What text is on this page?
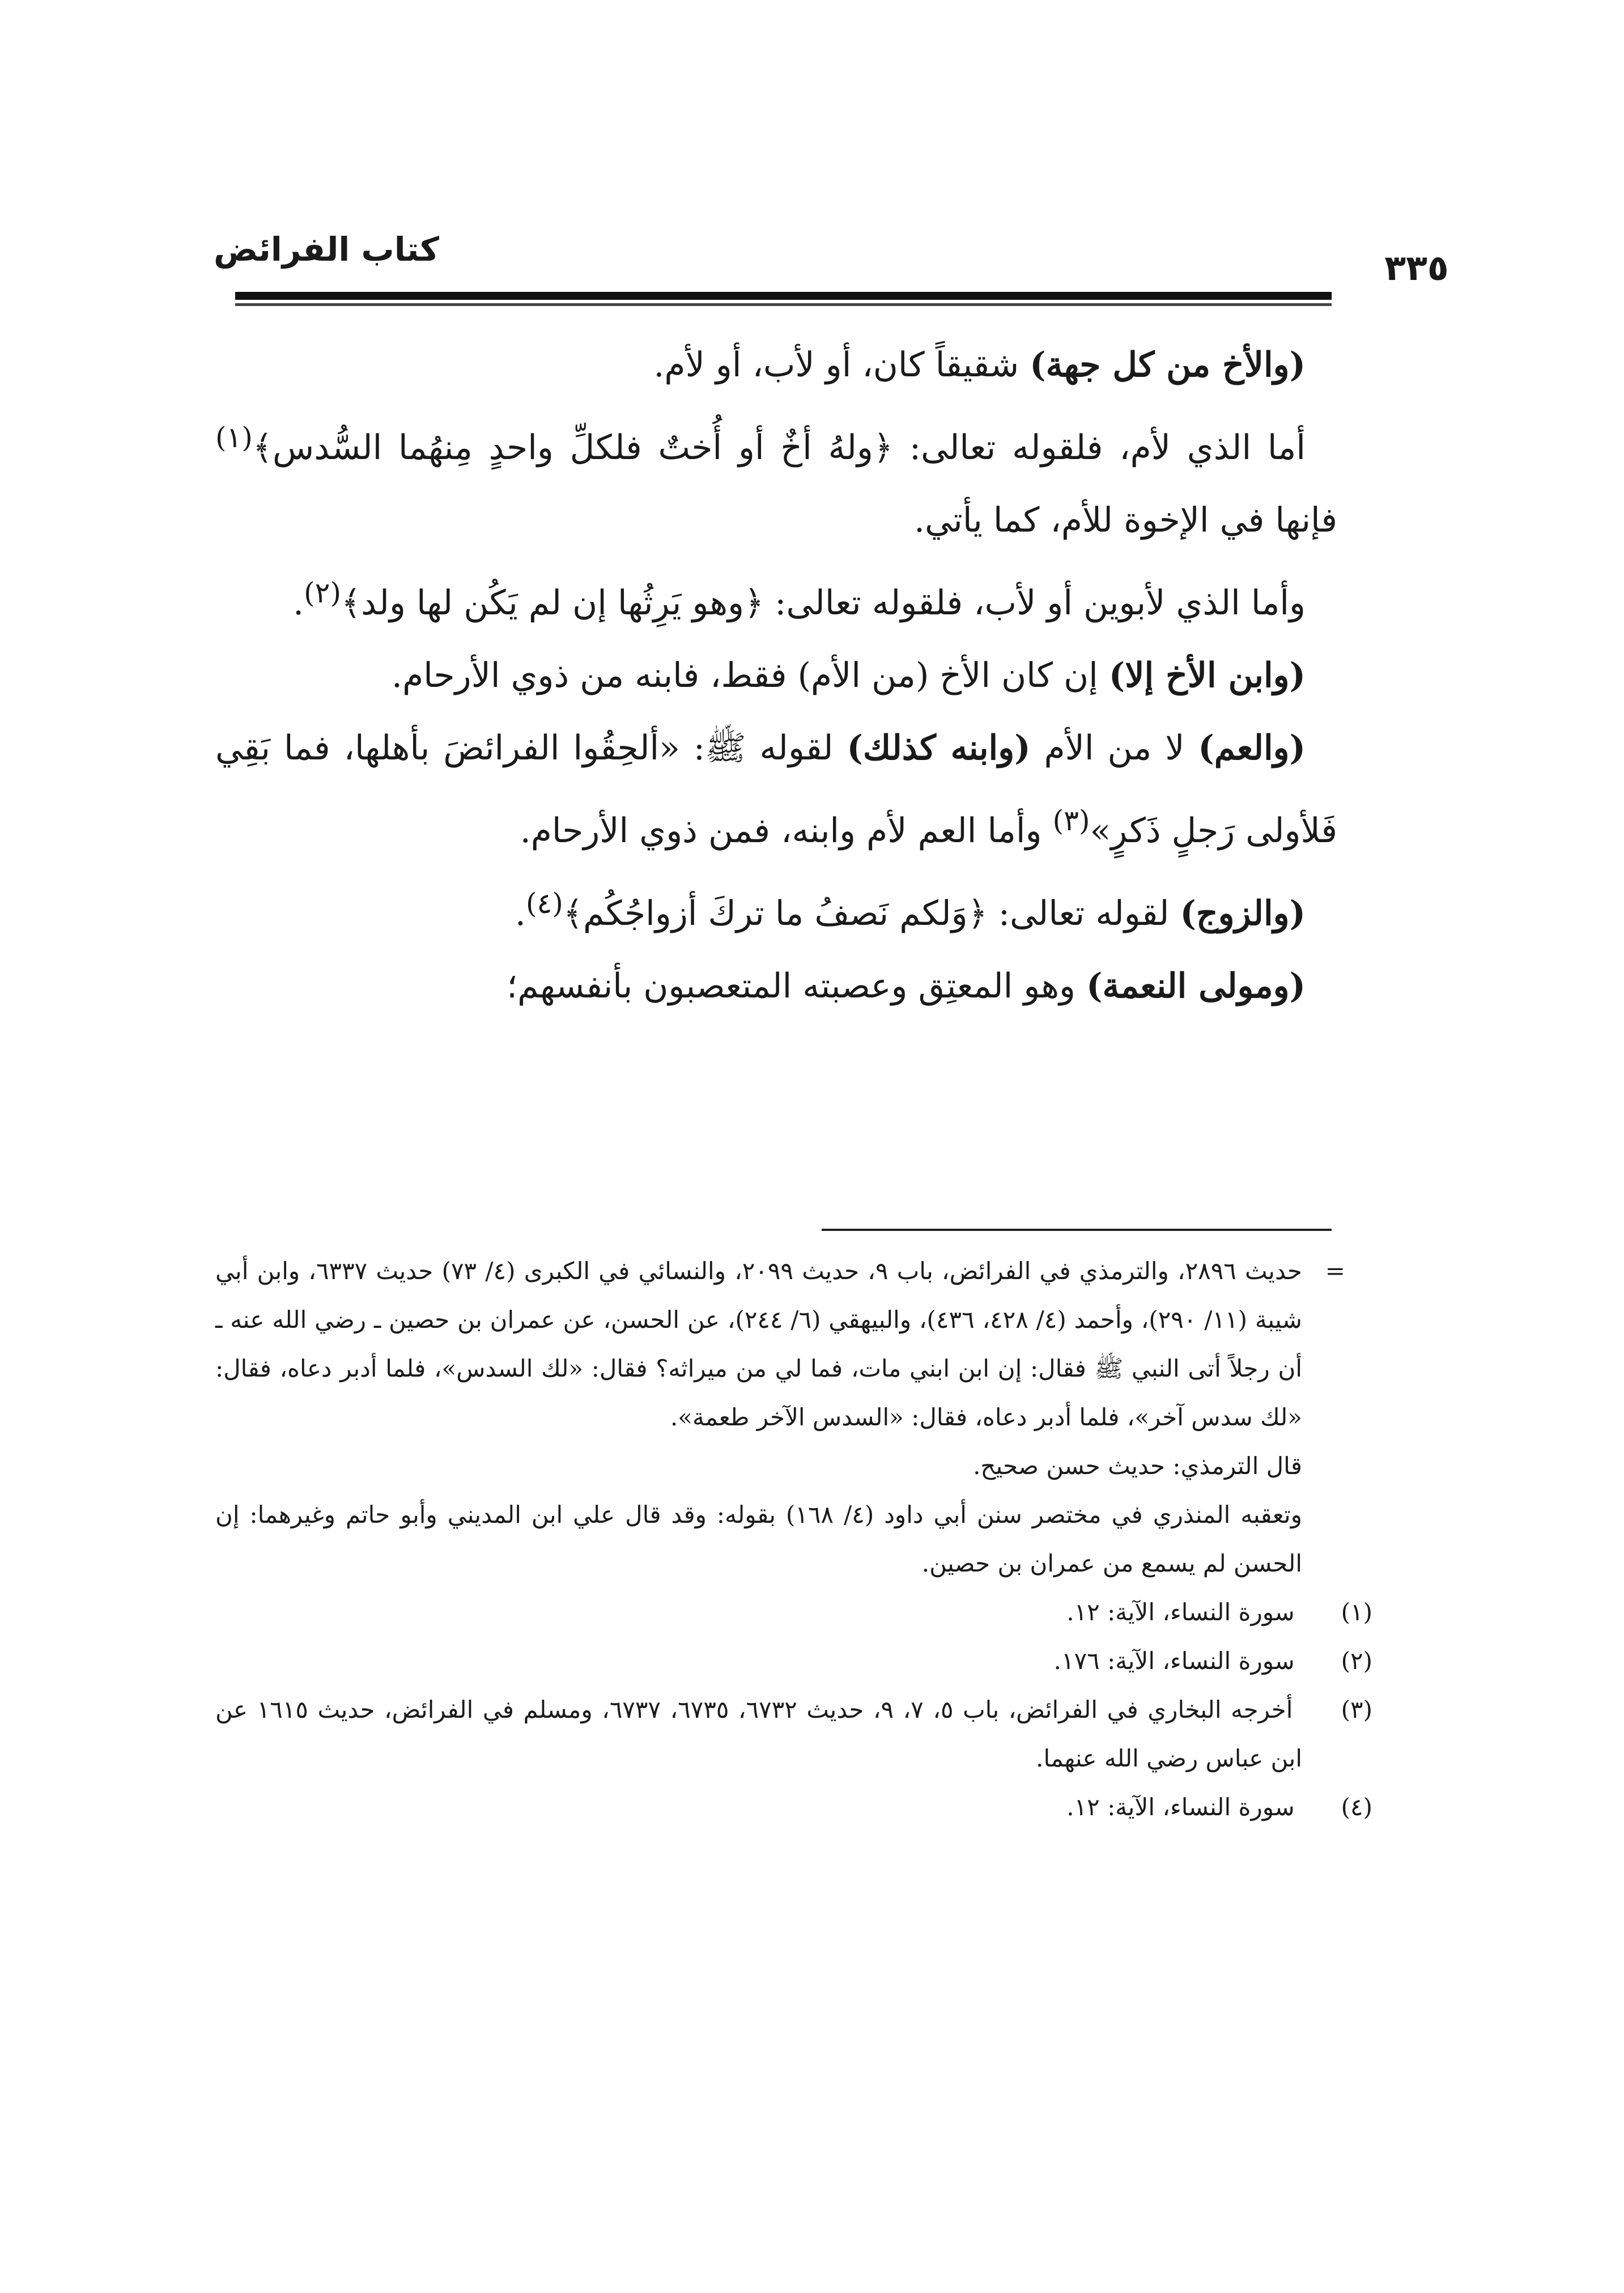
كتاب الفرائض	٣٣٥

(والأخ من كل جهة) شقيقاً كان، أو لأب، أو لأم.

أما الذي لأم، فلقوله تعالى: ﴿ولهُ أخٌ أو أُختٌ فلكلِّ واحدٍ مِنهُما السُّدس﴾$^{(١)}$ فإنها في الإخوة للأم، كما يأتي.

وأما الذي لأبوين أو لأب، فلقوله تعالى: ﴿وهو يَرِثُها إن لم يَكُن لها ولد﴾$^{(٢)}$.

(وابن الأخ إلا) إن كان الأخ (من الأم) فقط، فابنه من ذوي الأرحام.

(والعم) لا من الأم (وابنه كذلك) لقوله ﷺ: «ألحِقُوا الفرائضَ بأهلها، فما بَقِي فَلأولى رَجلٍ ذَكرٍ»$^{(٣)}$ وأما العم لأم وابنه، فمن ذوي الأرحام.

(والزوج) لقوله تعالى: ﴿وَلكم نَصفُ ما تركَ أزواجُكُم﴾$^{(٤)}$.

(ومولى النعمة) وهو المعتِق وعصبته المتعصبون بأنفسهم؛

=
حديث ٢٨٩٦، والترمذي في الفرائض، باب ٩، حديث ٢٠٩٩، والنسائي في الكبرى (٤/ ٧٣) حديث ٦٣٣٧، وابن أبي شيبة (١١/ ٢٩٠)، وأحمد (٤/ ٤٢٨، ٤٣٦)، والبيهقي (٦/ ٢٤٤)، عن الحسن، عن عمران بن حصين ـ رضي الله عنه ـ أن رجلاً أتى النبي ﷺ فقال: إن ابن ابني مات، فما لي من ميراثه؟ فقال: «لك السدس»، فلما أدبر دعاه، فقال: «لك سدس آخر»، فلما أدبر دعاه، فقال: «السدس الآخر طعمة».

قال الترمذي: حديث حسن صحيح.

وتعقبه المنذري في مختصر سنن أبي داود (٤/ ١٦٨) بقوله: وقد قال علي ابن المديني وأبو حاتم وغيرهما: إن الحسن لم يسمع من عمران بن حصين.

(١) سورة النساء، الآية: ١٢.

(٢) سورة النساء، الآية: ١٧٦.

(٣) أخرجه البخاري في الفرائض، باب ٥، ٧، ٩، حديث ٦٧٣٢، ٦٧٣٥، ٦٧٣٧، ومسلم في الفرائض، حديث ١٦١٥ عن ابن عباس رضي الله عنهما.

(٤) سورة النساء، الآية: ١٢.
